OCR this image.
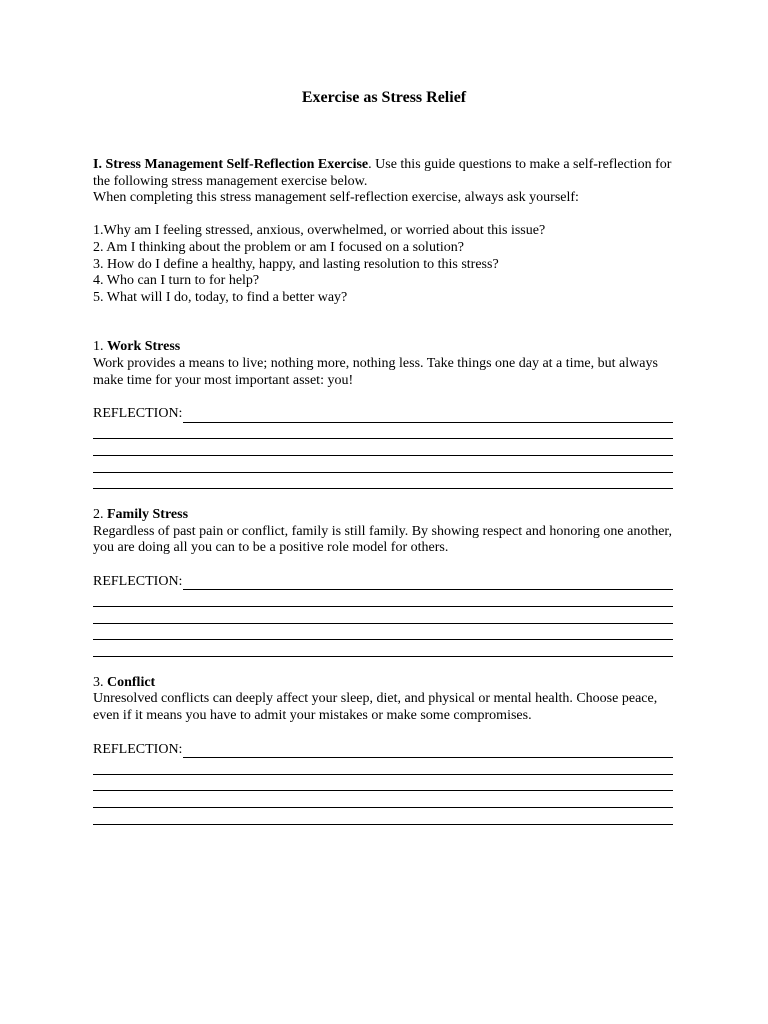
Exercise as Stress Relief

I. Stress Management Self-Reflection Exercise. Use this guide questions to make a self-reflection for the following stress management exercise below.

When completing this stress management self-reflection exercise, always ask yourself:

1.Why am I feeling stressed, anxious, overwhelmed, or worried about this issue?

2. Am I thinking about the problem or am I focused on a solution?

3. How do I define a healthy, happy, and lasting resolution to this stress?

4. Who can I turn to for help?

5. What will I do, today, to find a better way?

1. Work Stress

Work provides a means to live; nothing more, nothing less. Take things one day at a time, but always make time for your most important asset: you!

REFLECTION:

2. Family Stress

Regardless of past pain or conflict, family is still family. By showing respect and honoring one another, you are doing all you can to be a positive role model for others.

REFLECTION:

3. Conflict

Unresolved conflicts can deeply affect your sleep, diet, and physical or mental health. Choose peace, even if it means you have to admit your mistakes or make some compromises.

REFLECTION:
